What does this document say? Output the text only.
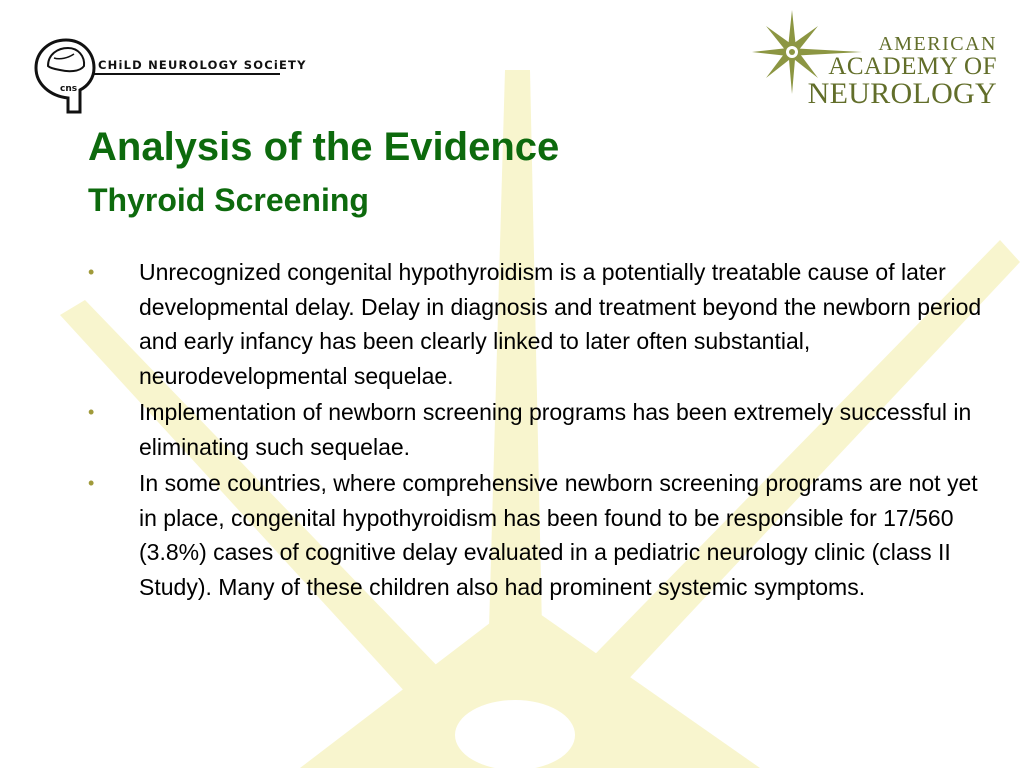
CHiLD NEUROLOGY SOCiETY
cns
AMERICAN
ACADEMY OF
NEUROLOGY
Analysis of the Evidence
Thyroid Screening
• Unrecognized congenital hypothyroidism is a potentially treatable cause of later developmental delay. Delay in diagnosis and treatment beyond the newborn period and early infancy has been clearly linked to later often substantial, neurodevelopmental sequelae.
• Implementation of newborn screening programs has been extremely successful in eliminating such sequelae.
• In some countries, where comprehensive newborn screening programs are not yet in place, congenital hypothyroidism has been found to be responsible for 17/560 (3.8%) cases of cognitive delay evaluated in a pediatric neurology clinic (class II Study). Many of these children also had prominent systemic symptoms.
